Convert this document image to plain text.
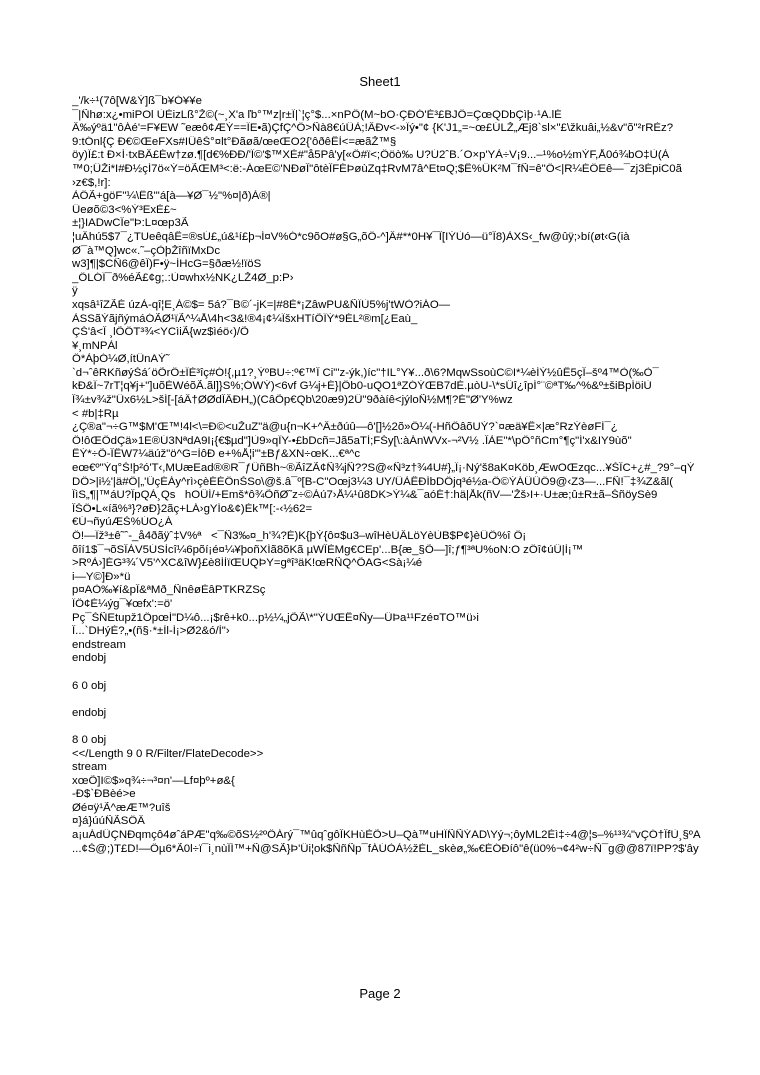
Sheet1
_'/k÷¹(7ô[W&Ý]ß¯b¥Ó¥¥e
¯|Ñhø:x¿•miPOl ÙÈizLß°Ž©(~¸X'a ľb°™z|r±Ï|`¦ç°$...×nPÖ(M~bO·ÇĐÓ'É³£BJÖ=ÇœQDbÇìþ·¹A.lÉ
Â‰ýºä1"ôÁé'=F¥EW ˜eæô¢ÆÝ==ÏE•ã)ÇfÇ^Ö>Ñà8€úÛÀ;!ÂĐv<-»Ïý•"¢ {K'J1„=~œ£ÚLŽ„Æj8`sl×"£\žkuâi„½&v"õ"²rRÈz?
9:tÓnl{Ç Ð€©ŒeFXs#IÛêŠ°¤lt°Ðãøã/œeŒO2{'ôðêÊÌ<=æãŽ™§
öy)Ï£:t Ð×Í·txBÂ£Éw†zø.¶[d€%ÐÐ/'Ï©'$™XÈ#"å5Pâ'y[«Ö#ï<;Ôöò‰ U?Ú2ˆB.´O×p'YÀ÷V¡9...–¹%o½mÝF,Å0ó¾bO‡Ù(À
™0;ÛŽi*I#Ð½çÍ7ö«Ý=öÃŒM³<:ë:-ÁœE©'NÐøÎ"ôtèÎFÉÞøùZq‡RvM7â^Et¤Q;$Ê%ÜK²M¯fÑ=ê"Ö<|R¼ÉÖEê—¯zj3ÉpiC0ã
›z€$,!r]:
ÀÖÃ+göF"¼\Ëß"'á[à—¥Ø¯½"%¤|ð)À®|
Üeøõ©3<%Ý³ExÈ£~
±¦}IADwCÎe"Þ:L¤œp3Ã
¦uÂhú5$7¯¿TUeêqâÊ=®sÚ£„ú&¹í£þ¬Í¤V%Ó*c9õO#ø§G„õÖ-^]Â#**0H¥¯Î[IÝÙó—ü°Î8)ÀXS‹_fw@ûÿ;›bí(øt‹G(ià
Ø¯à™Q]wc«.˜–çÒþŽîñïMxDc
w3]¶|$CÑ6@êÎ)F•ÿ~ÍHcG=§ðæ½!ïöS
_ÖLÓÏ¯ð%éÃ£¢g;.:Ù¤whx½NK¿LŽ4Ø_p:P›
ÿ
xqsâ¹îZÃÉ úzÀ-qî¦E¸Á©$= 5á?¯B©´-jK=|#8È*¡ZâwPU&ÑÏÙ5%j'tWÒ?iÁO—
ÀSSãÝãjñýmáÓÃØ¹ïÃ^¼Å\4h<3&!®4¡¢¼ÏšxHTíÕÏÝ*9ÉL²®m[¿Eaù_
ÇŠ'â<Î ¸lÕÖT³¾<YCìiÃ{wz$ìéö‹)/Õ
¥¸mNPÀl
Ö*ÀþÓ¼Ø,ítÛnAÝ˜
`d¬ˆêRKñøýŠá´öÕrÖ±ÏÈ³îç#Ó!{,µ1?¸ÝºBU÷:º€™Î Ci"'z-ýk,)íc"†IL°Y¥...ð\6?MqwSsoùC©I*¼èÍÝ½ûÊ5çÎ–šº4™Ò(‰Ò¯
kÐ&Ï~7rT¦q¥j+"]uõÈWéõÃ.ãl]}S%;ÓWÝ)<6vf G¼j+É}|Öb0-uQO1ªZÓÝŒB7dÉ.µòU-\*sÜî¿îpÍ°¨©ªT‰^%&º±šiBpÍöiÙ
Î¾±v¾ž"Ûx6½L>šÍ[-[áÂ†ØØdÎÂÐH„)(CâÕp€Qb\20æ9)2Û"9ðàíê<jýloÑ½M¶?É"Ø'Y%wz
< #b|‡Rµ
¿Ç®a"¬÷G™$M'Œ™!4l<\=Ð©<uŽuZ"ä@u{n¬K+^Â±ðúû—ô'[]½2õ»Ö¼(-HñÔâõUÝ?`¤æä¥Ê×|æ°RzÝèøFÍ¯¿
Ö!ôŒÖdÇä»1E®Ú3NªdA9I¡{€$µd"]Ù9»qÏY-•£bDcñ=Jã5aTÍ;FŠy[\:àÁnWVx-¬²V½ .ÎÀE"*\pÖ°ñCm°¶ç"Í'x&IY9ùõ"
ÊÝ*÷Õ-ÎÊW7¼äúž"ö^G=ÌôÐ e+%Å¦i'"±Bƒ&XN÷œK...€ª^c
eœ€º"Ýq°Š!þ²ó'T‹,MUæEad®®R¯ƒÜñBh~®ÃîZÃ¢Ñ¾jÑ??S@«Ñ³z†¾4U#}„Ï¡·Ný'š8aK¤Köb¸ÆwOŒzqc...¥ŠÎC+¿#_?9°–qÝ
DÖ>|i½'|ä#Ö|„'ÜçÉÁy^rì›çèÉÉÔnŠSo\@š.â¯º[B-C"Oœj3¼3 UY/ÛÀÊÐÍbDÖjq³é½a-Ö©ÝÁÛÜÖ9@‹Z3—...FÑ!¯‡¾Z&ãl(
ÎìS„¶|™áU?ÎpQÀ¸Qs   hOÜÍ/+Emš*ô¾ÕñØ˜z÷©Áú7›Å¼¹û8DK>Ý¼&¯aóÉ†:hä|Åk(ñV—'Žš›I+·U±æ;û±R±ã–ŠñöySè9
ÎŠÖ•L«íã%³}?øÐ}2ãç+LÁ›gYÍo&¢)Èk™[:-‹½62=
€Ú¬ñyúÆŠ%ÚO¿Á
Ö!—Ïž³±ê˜ˆ-_å4ðãÿˆ‡V%ª   <¯Ñ3‰¤_h'¾?É)K{þÝ{ô¤$u3–wîHèÙÂLöYèÙB$P¢}èÜÔ%î Ö¡
õîí1$¯¬õSÎÀV5ÚSÌcî¼6põí¡é¤¼¥þoñXÍã8õKã µWÎÈMg€CEp'...B{æ_§Õ—]î;ƒ¶³ªU%oN:O zÔî¢úÜ|Ì¡™
>RºÀ›]ÉG³¾´V5'^XC&îW}£è8ÍÌïŒUQÞY=gªî³äK!œRÑQ^ÕAG<Sà¡¼é
i—Y©]Ð»*ü
p¤AÒ‰¥í&pÎ&ªMð_ÑnêøÈâPTKRZSç
ÏÖ¢È¼ýg¯¥œfx':=ö'
Pç¯ŠÑEtupž1ÖpœÍ"D¼ô...¡$rê+k0...p½¼„jÕÃ\*"ÝUŒÊ¤Ñy—ÛÞa¹¹Fzé¤TO™ü›i
Î...`DHýÈ?„•(ñ§·*±Ìl-Í¡>Ø2&ó/Ì"›
endstream
endobj
6 0 obj
endobj
8 0 obj
<</Length 9 0 R/Filter/FlateDecode>>
stream
xœÕ]I©$»q¾÷¬³¤n'—Lf¤þº+ø&{
-Ð$`ÐBèé>e
Øé¤ÿ¹Ã^æÆ™?uîš
¤}á}úúÑÃSÔÂ
a¡uÁdÛÇNÐqmçô4øˆáPÆ"q‰©õS½²ºÖÁrý¯™ûqˆgôÎKHùÈÕ>U–Qà™uHÏÑÑÝAD\Yý¬;ôyML2Èì‡÷4@¦s–%¹³¾"vÇÓ†ÎfÙ¸§ºA
...¢Š@;)T£D!—Öµ6*Ã0l÷ï¯i¸nùÎÍ™+Ñ@SÃ}Þ'Üi¦ok$ÑñÑp¯fÁÚÒÀ½žÈL_skèø„‰€ÉÓÐíô"ê(ü0%¬¢4²w÷Ñ¯g@@87ï!PP?$'ây
Page 2
